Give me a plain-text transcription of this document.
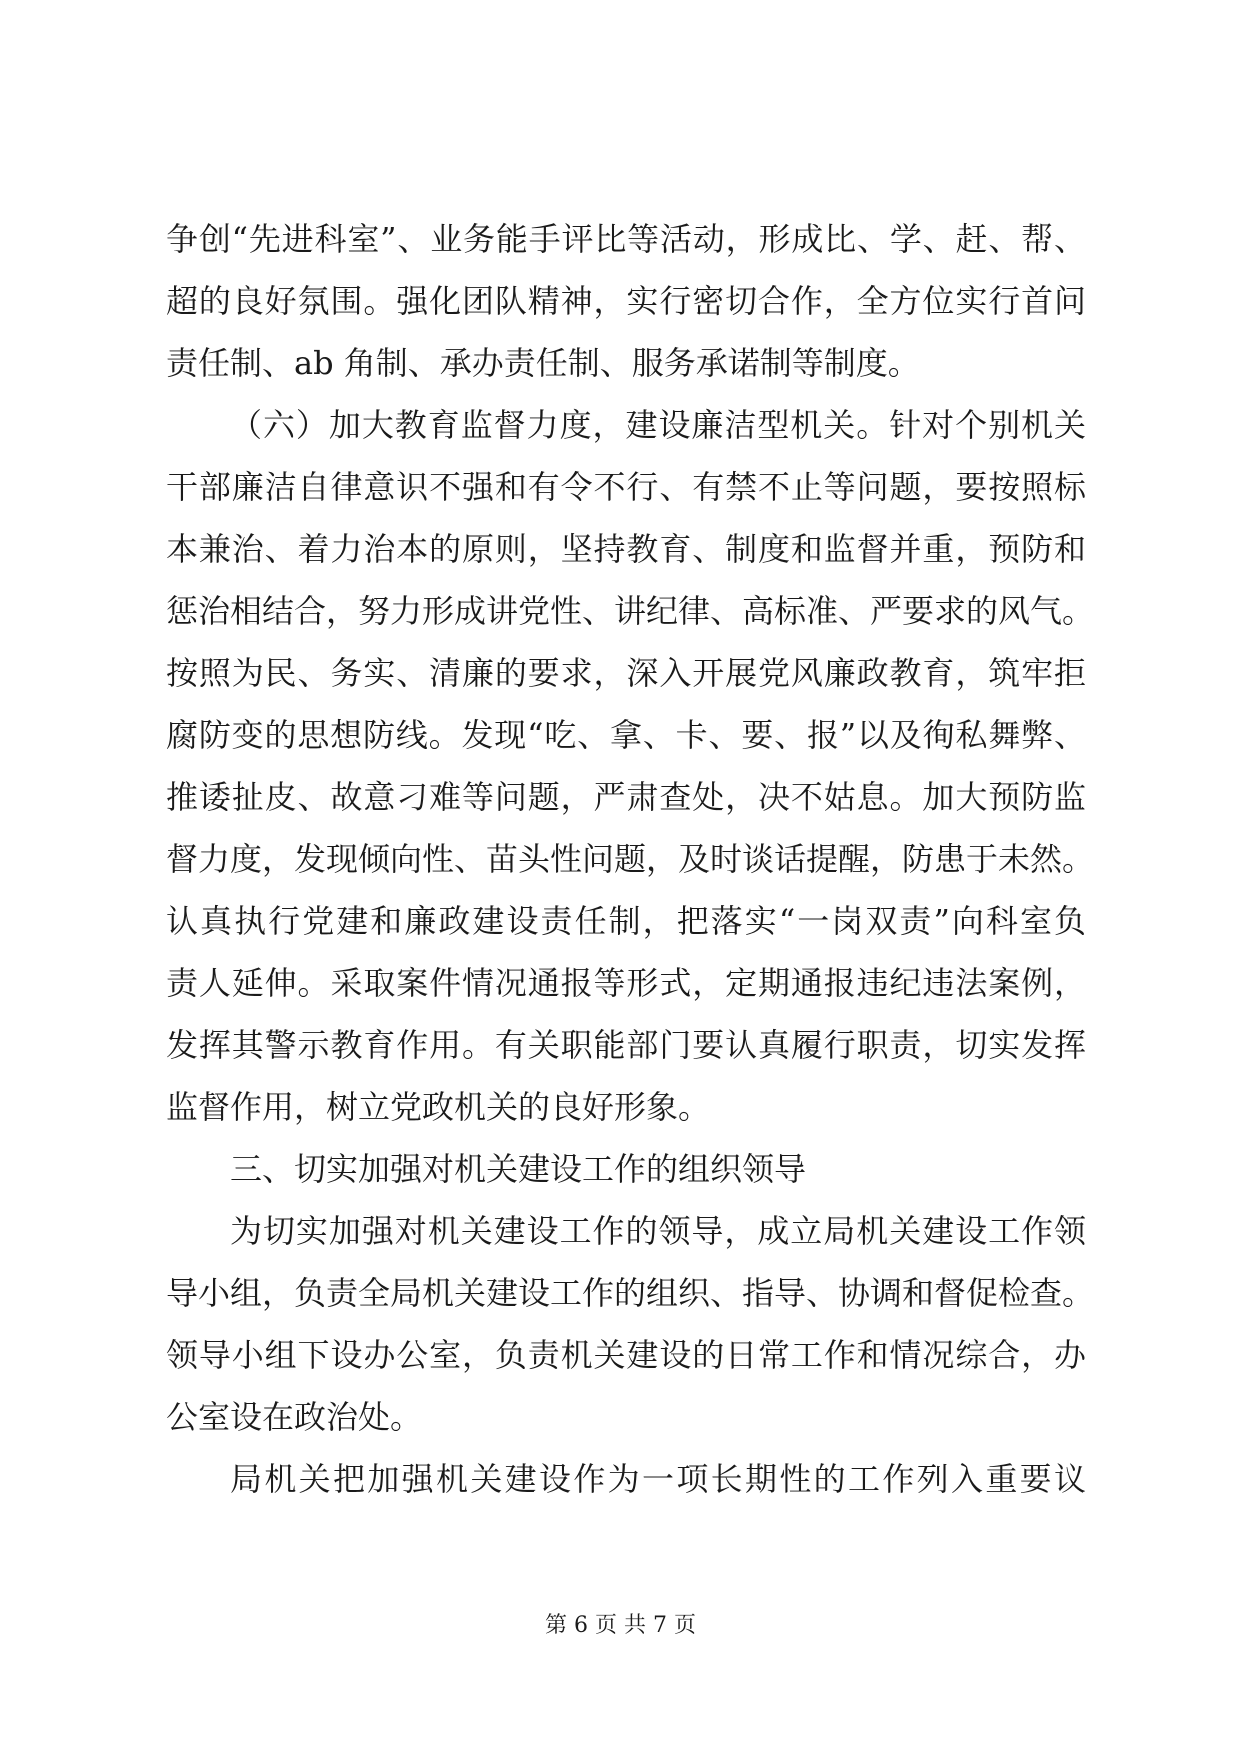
争创“先进科室”、业务能手评比等活动，形成比、学、赶、帮、
超的良好氛围。强化团队精神，实行密切合作，全方位实行首问
责任制、ab 角制、承办责任制、服务承诺制等制度。
（六）加大教育监督力度，建设廉洁型机关。针对个别机关
干部廉洁自律意识不强和有令不行、有禁不止等问题，要按照标
本兼治、着力治本的原则，坚持教育、制度和监督并重，预防和
惩治相结合，努力形成讲党性、讲纪律、高标准、严要求的风气。
按照为民、务实、清廉的要求，深入开展党风廉政教育，筑牢拒
腐防变的思想防线。发现“吃、拿、卡、要、报”以及徇私舞弊、
推诿扯皮、故意刁难等问题，严肃查处，决不姑息。加大预防监
督力度，发现倾向性、苗头性问题，及时谈话提醒，防患于未然。
认真执行党建和廉政建设责任制，把落实“一岗双责”向科室负
责人延伸。采取案件情况通报等形式，定期通报违纪违法案例，
发挥其警示教育作用。有关职能部门要认真履行职责，切实发挥
监督作用，树立党政机关的良好形象。
三、切实加强对机关建设工作的组织领导
为切实加强对机关建设工作的领导，成立局机关建设工作领
导小组，负责全局机关建设工作的组织、指导、协调和督促检查。
领导小组下设办公室，负责机关建设的日常工作和情况综合，办
公室设在政治处。
局机关把加强机关建设作为一项长期性的工作列入重要议
第 6 页 共 7 页
